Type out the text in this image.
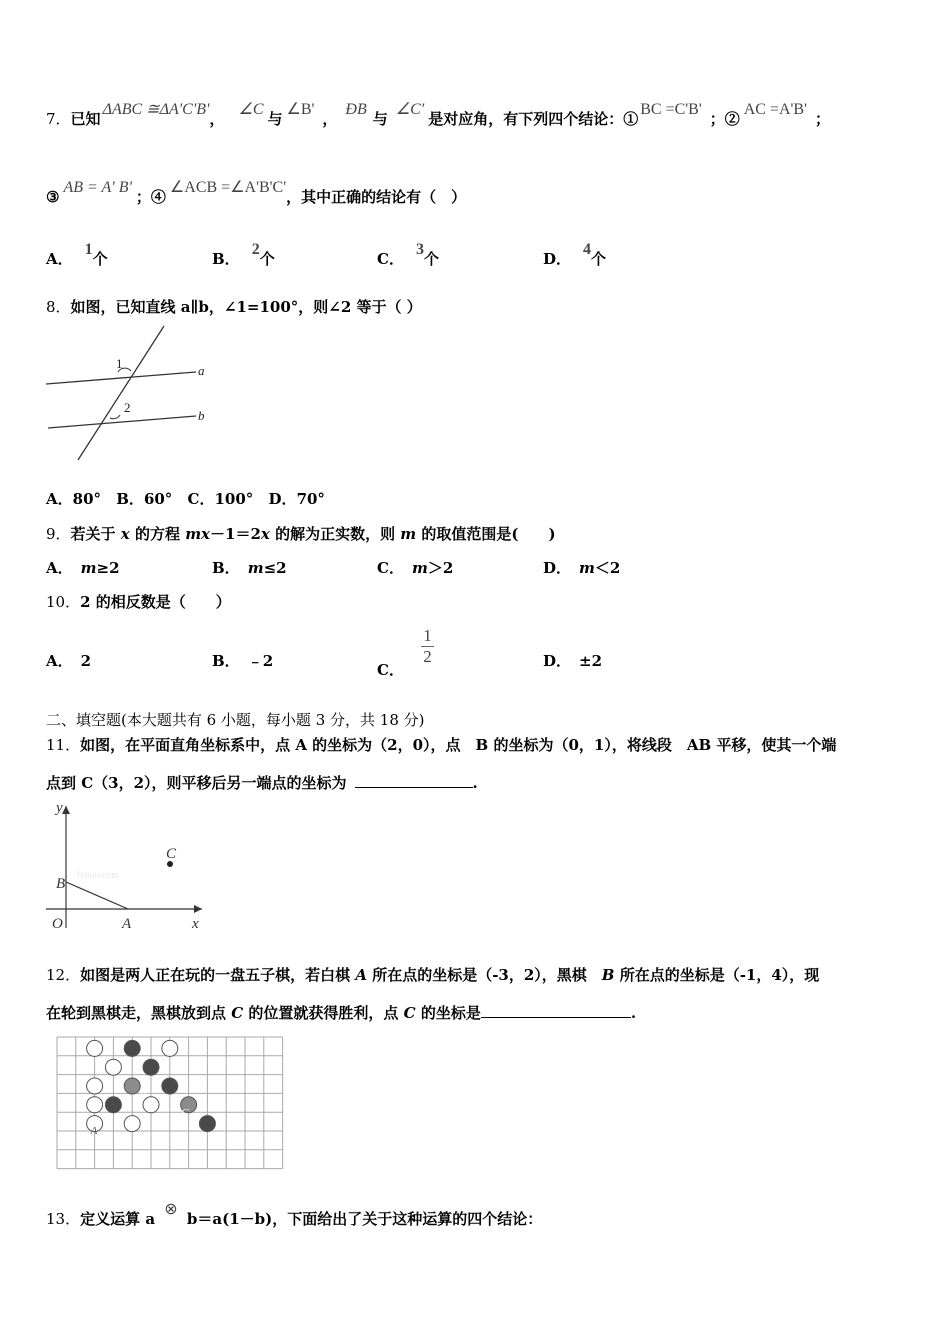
7．已知ΔABC ≅ΔA'C'B'，∠C与∠B'，ÐB与∠C'是对应角，有下列四个结论：①BC =C'B'；②AC =A'B'；
③AB = A' B'；④∠ACB =∠A'B'C'，其中正确的结论有（　）
A．1个	B．2个	C．3个	D．4个
8．如图，已知直线 a∥b，∠1=100°，则∠2 等于（ ）
1
2
a
b
A．80° B．60° C．100° D．70°
9．若关于 x 的方程 mx－1＝2x 的解为正实数，则 m 的取值范围是(　　)
A． m≥2	B． m≤2	C． m＞2	D． m＜2
10．2 的相反数是（　　）
A． 2	B． ﹣2	C．
$\frac{1}{2}$	D． ±2
二、填空题(本大题共有 6 小题，每小题 3 分，共 18 分)
11．如图，在平面直角坐标系中，点 A 的坐标为（2，0），点　B 的坐标为（0，1），将线段　AB 平移，使其一个端
点到 C（3，2），则平移后另一端点的坐标为	.
y
x
O	A
B
C
Jyeoo.com
12．如图是两人正在玩的一盘五子棋，若白棋 A 所在点的坐标是（-3，2），黑棋　B 所在点的坐标是（-1，4），现
在轮到黑棋走，黑棋放到点 C 的位置就获得胜利，点 C 的坐标是	.
B
A
C
13．定义运算 a ⊗ b＝a(1－b)，下面给出了关于这种运算的四个结论：
